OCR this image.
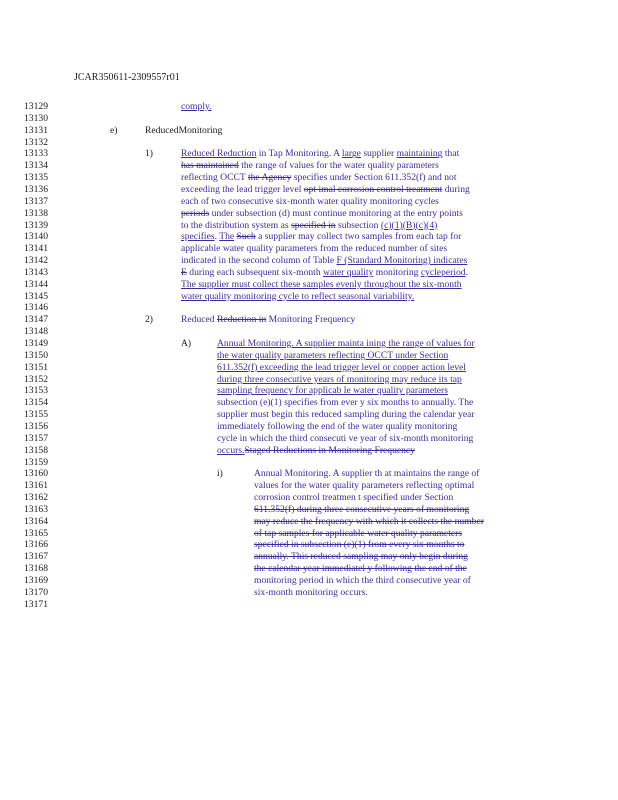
JCAR350611-2309557r01
13129
13130
13131
13132
13133
13134
13135
13136
13137
13138
13139
13140
13141
13142
13143
13144
13145
13146
13147
13148
13149
13150
13151
13152
13153
13154
13155
13156
13157
13158
13159
13160
13161
13162
13163
13164
13165
13166
13167
13168
13169
13170
13171
comply.
e)	ReducedMonitoring
1)	Reduced Reduction in Tap Monitoring. A large supplier maintaining that
has maintained the range of values for the water quality parameters
reflecting OCCT the Agency specifies under Section 611.352(f) and not
exceeding the lead trigger level opt imal corrosion control treatment during
each of two consecutive six-month water quality monitoring cycles
periods under subsection (d) must continue monitoring at the entry points
to the distribution system as specified in subsection (c)(1)(B)(c)(4)
specifies. The Such a supplier may collect two samples from each tap for
applicable water quality parameters from the reduced number of sites
indicated in the second column of Table F (Standard Monitoring) indicates
E during each subsequent six-month water quality monitoring cycleperiod.
The supplier must collect these samples evenly throughout the six-month
water quality monitoring cycle to reflect seasonal variability.
2)	Reduced Reduction in Monitoring Frequency
A)	Annual Monitoring. A supplier mainta ining the range of values for
the water quality parameters reflecting OCCT under Section
611.352(f) exceeding the lead trigger level or copper action level
during three consecutive years of monitoring may reduce its tap
sampling frequency for applicab le water quality parameters
subsection (e)(1) specifies from ever y six months to annually. The
supplier must begin this reduced sampling during the calendar year
immediately following the end of the water quality monitoring
cycle in which the third consecuti ve year of six-month monitoring
occurs.Staged Reductions in Monitoring Frequency
i)	Annual Monitoring. A supplier th at maintains the range of
values for the water quality parameters reflecting optimal
corrosion control treatmen t specified under Section
611.352(f) during three consecutive years of monitoring
may reduce the frequency with which it collects the number
of tap samples for applicable water quality parameters
specified in subsection (e)(1) from every six months to
annually. This reduced sampling may only begin during
the calendar year immediatel y following the end of the
monitoring period in which the third consecutive year of
six-month monitoring occurs.
